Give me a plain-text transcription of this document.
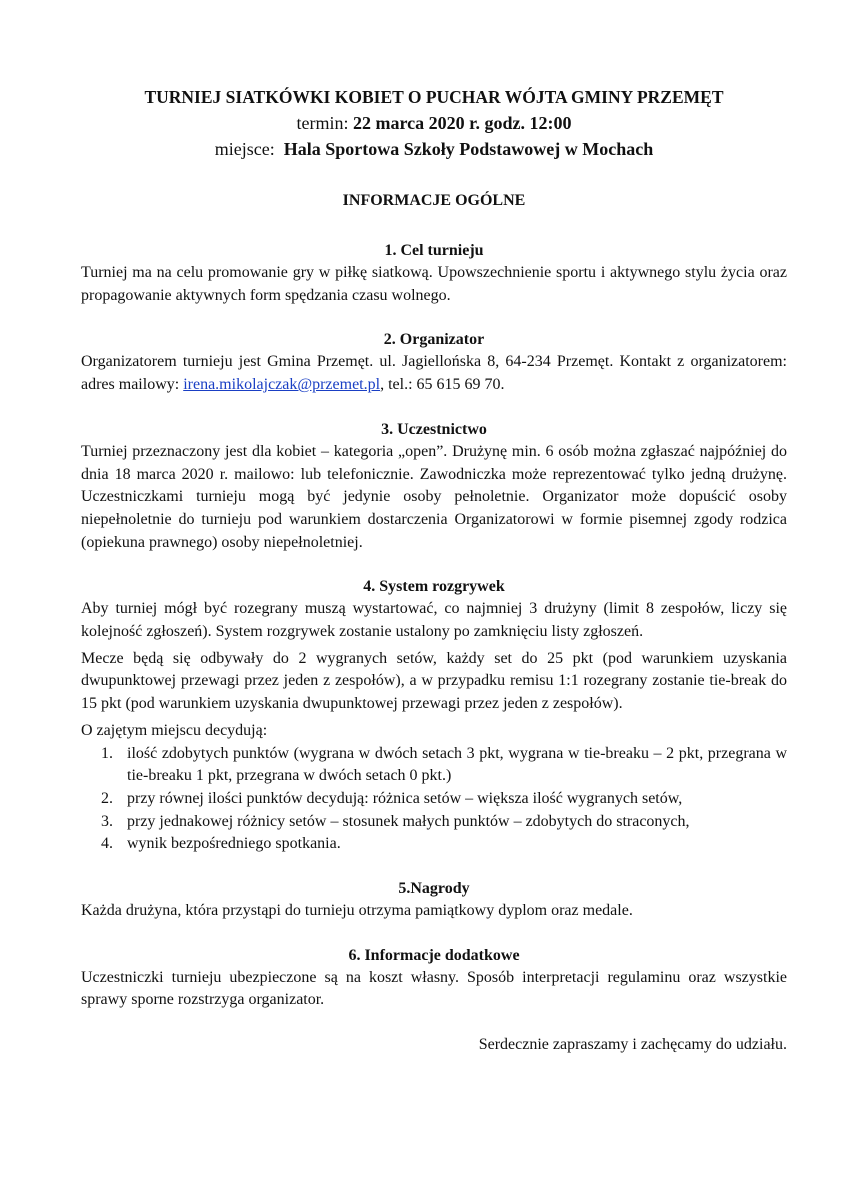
TURNIEJ SIATKÓWKI KOBIET O PUCHAR WÓJTA GMINY PRZEMĘT

termin: 22 marca 2020 r. godz. 12:00

miejsce: Hala Sportowa Szkoły Podstawowej w Mochach

INFORMACJE OGÓLNE
1. Cel turnieju

Turniej ma na celu promowanie gry w piłkę siatkową. Upowszechnienie sportu i aktywnego stylu życia oraz propagowanie aktywnych form spędzania czasu wolnego.

2. Organizator

Organizatorem turnieju jest Gmina Przemęt. ul. Jagiellońska 8, 64-234 Przemęt. Kontakt z organizatorem: adres mailowy: irena.mikolajczak@przemet.pl, tel.: 65 615 69 70.

3. Uczestnictwo

Turniej przeznaczony jest dla kobiet – kategoria „open”. Drużynę min. 6 osób można zgłaszać najpóźniej do dnia 18 marca 2020 r. mailowo: lub telefonicznie. Zawodniczka może reprezentować tylko jedną drużynę. Uczestniczkami turnieju mogą być jedynie osoby pełnoletnie. Organizator może dopuścić osoby niepełnoletnie do turnieju pod warunkiem dostarczenia Organizatorowi w formie pisemnej zgody rodzica (opiekuna prawnego) osoby niepełnoletniej.

4. System rozgrywek

Aby turniej mógł być rozegrany muszą wystartować, co najmniej 3 drużyny (limit 8 zespołów, liczy się kolejność zgłoszeń). System rozgrywek zostanie ustalony po zamknięciu listy zgłoszeń.

Mecze będą się odbywały do 2 wygranych setów, każdy set do 25 pkt (pod warunkiem uzyskania dwupunktowej przewagi przez jeden z zespołów), a w przypadku remisu 1:1 rozegrany zostanie tie-break do 15 pkt (pod warunkiem uzyskania dwupunktowej przewagi przez jeden z zespołów).

O zajętym miejscu decydują:

1. ilość zdobytych punktów (wygrana w dwóch setach 3 pkt, wygrana w tie-breaku – 2 pkt, przegrana w tie-breaku 1 pkt, przegrana w dwóch setach 0 pkt.)
2. przy równej ilości punktów decydują: różnica setów – większa ilość wygranych setów,
3. przy jednakowej różnicy setów – stosunek małych punktów – zdobytych do straconych,
4. wynik bezpośredniego spotkania.
5.Nagrody

Każda drużyna, która przystąpi do turnieju otrzyma pamiątkowy dyplom oraz medale.

6. Informacje dodatkowe

Uczestniczki turnieju ubezpieczone są na koszt własny. Sposób interpretacji regulaminu oraz wszystkie sprawy sporne rozstrzyga organizator.

Serdecznie zapraszamy i zachęcamy do udziału.
